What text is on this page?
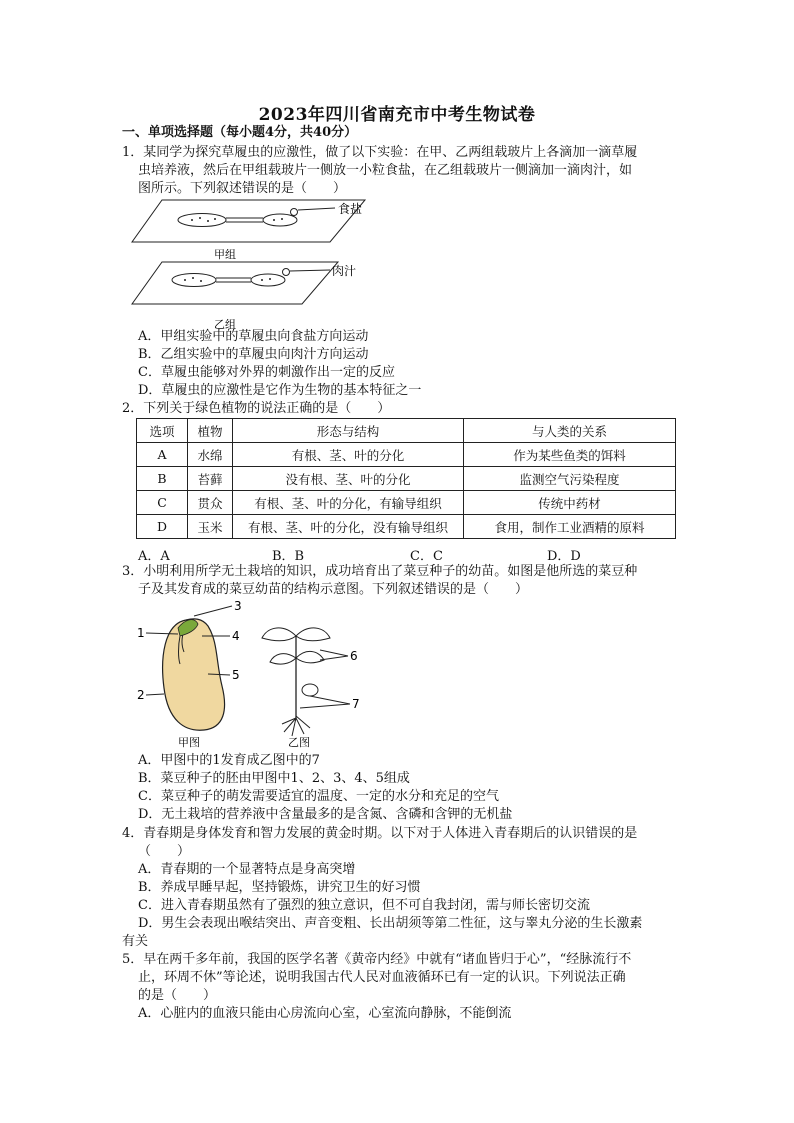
2023年四川省南充市中考生物试卷
一、单项选择题（每小题4分，共40分）
1．某同学为探究草履虫的应激性，做了以下实验：在甲、乙两组载玻片上各滴加一滴草履
虫培养液，然后在甲组载玻片一侧放一小粒食盐，在乙组载玻片一侧滴加一滴肉汁，如
图所示。下列叙述错误的是（　　）
食盐
甲组
肉汁
乙组
A．甲组实验中的草履虫向食盐方向运动
B．乙组实验中的草履虫向肉汁方向运动
C．草履虫能够对外界的刺激作出一定的反应
D．草履虫的应激性是它作为生物的基本特征之一
2．下列关于绿色植物的说法正确的是（　　）
选项	植物	形态与结构	与人类的关系
A	水绵	有根、茎、叶的分化	作为某些鱼类的饵料
B	苔藓	没有根、茎、叶的分化	监测空气污染程度
C	贯众	有根、茎、叶的分化，有输导组织	传统中药材
D	玉米	有根、茎、叶的分化，没有输导组织	食用，制作工业酒精的原料
A．A	B．B	C．C	D．D
3．小明利用所学无土栽培的知识，成功培育出了菜豆种子的幼苗。如图是他所选的菜豆种
子及其发育成的菜豆幼苗的结构示意图。下列叙述错误的是（　　）
3
1	4
5
2
甲图
6
7
乙图
A．甲图中的1发育成乙图中的7
B．菜豆种子的胚由甲图中1、2、3、4、5组成
C．菜豆种子的萌发需要适宜的温度、一定的水分和充足的空气
D．无土栽培的营养液中含量最多的是含氮、含磷和含钾的无机盐
4．青春期是身体发育和智力发展的黄金时期。以下对于人体进入青春期后的认识错误的是
（　　）
A．青春期的一个显著特点是身高突增
B．养成早睡早起，坚持锻炼，讲究卫生的好习惯
C．进入青春期虽然有了强烈的独立意识，但不可自我封闭，需与师长密切交流
D．男生会表现出喉结突出、声音变粗、长出胡须等第二性征，这与睾丸分泌的生长激素
有关
5．早在两千多年前，我国的医学名著《黄帝内经》中就有“诸血皆归于心”，“经脉流行不
止，环周不休”等论述，说明我国古代人民对血液循环已有一定的认识。下列说法正确
的是（　　）
A．心脏内的血液只能由心房流向心室，心室流向静脉，不能倒流
